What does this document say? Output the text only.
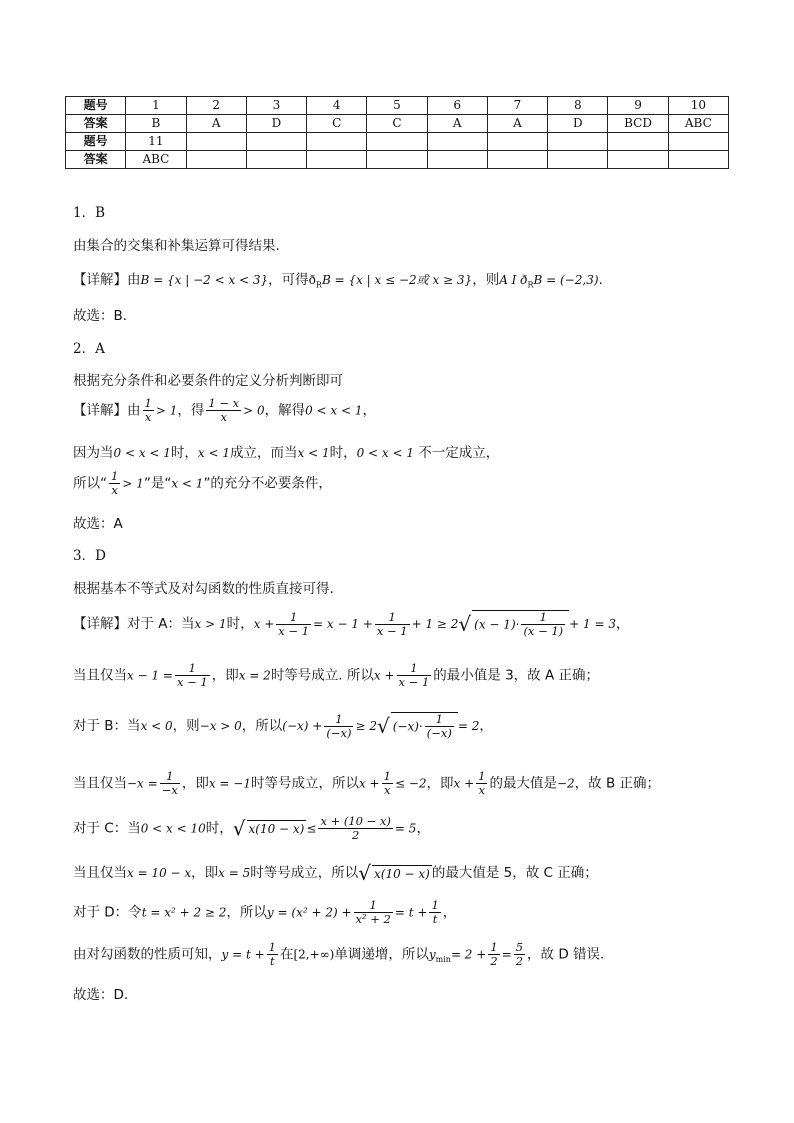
题号	1	2	3	4	5	6	7	8	9	10
答案	B	A	D	C	C	A	A	D	BCD	ABC
题号	11									
答案	ABC									
1．B
由集合的交集和补集运算可得结果.
【详解】由B = {x | −2 < x < 3}，可得$ð_RB = \{x$ | x ≤ −2或 x ≥ 3}，则A I $ð_RB = (-2,3)$.
故选：B．
2．A
根据充分条件和必要条件的定义分析判断即可
【详解】由 $\frac{1}{x} > 1$，得 $\frac{1 - x}{x} > 0$，解得0 < x < 1，
因为当0 < x < 1时，x < 1成立，而当x < 1时，0 < x < 1 不一定成立，
所以“ $\frac{1}{x} > 1$”是“x < 1”的充分不必要条件，
故选：A
3．D
根据基本不等式及对勾函数的性质直接可得.
【详解】对于 A：当x > 1时，$x + \frac{1}{x - 1} = x - 1 + \frac{1}{x - 1} + 1 \ge 2√$ $(x - 1)\cdot \frac{1}{(x - 1)} + 1 = 3$，
当且仅当$x - 1 = \frac{1}{x - 1}$ ，即x = 2时等号成立. 所以$x + \frac{1}{x - 1}$ 的最小值是 3，故 A 正确；
对于 B：当x < 0，则−x > 0，所以$(-x) + \frac{1}{(-x)} \ge 2√$ $(-x)\cdot \frac{1}{(-x)} = 2$，
当且仅当$-x = \frac{1}{-x}$ ，即x = −1时等号成立，所以$x + \frac{1}{x} \le -2$，即$x + \frac{1}{x}$ 的最大值是−2，故 B 正确；
对于 C：当0 < x < 10时，√ $x(10 - x) \le \frac{x + (10 - x)}{2} = 5$，
当且仅当x = 10 − x，即x = 5时等号成立，所以√ x(10 − x) 的最大值是 5，故 C 正确；
对于 D：令t = x² + 2 ≥ 2，所以$y = (x^2 + 2) + \frac{1}{\text{x² + 2}} = t + \frac{1}{t}$ ，
由对勾函数的性质可知，$y = t + \frac{1}{t}$ 在[2,+∞)单调递增，所以$y_{min}= 2 + \frac{1}{2} = \frac{5}{2}$ ，故 D 错误.
故选：D.
